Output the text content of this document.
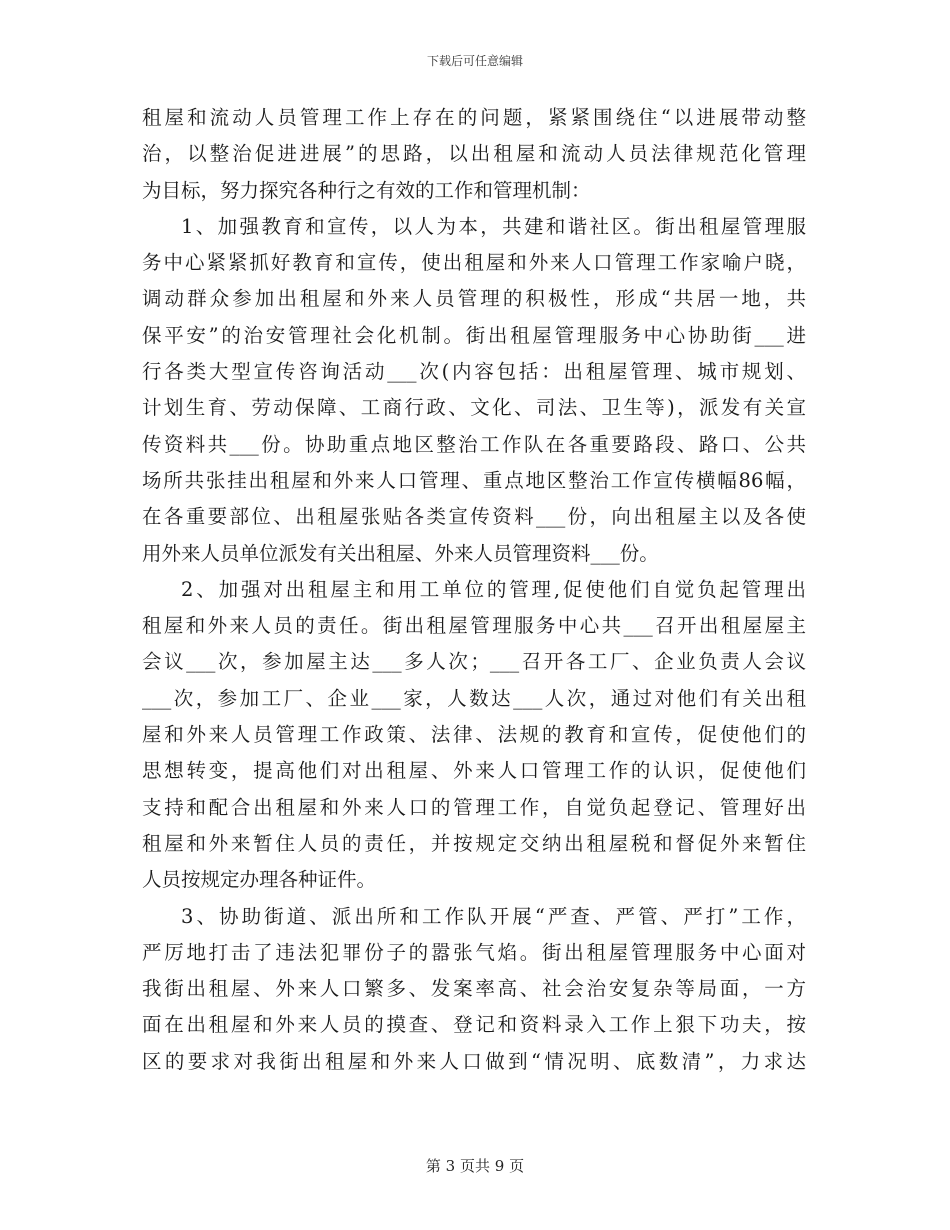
下载后可任意编辑
租屋和流动人员管理工作上存在的问题，紧紧围绕住“以进展带动整
治，以整治促进进展”的思路，以出租屋和流动人员法律规范化管理
为目标，努力探究各种行之有效的工作和管理机制：
1、加强教育和宣传，以人为本，共建和谐社区。街出租屋管理服
务中心紧紧抓好教育和宣传，使出租屋和外来人口管理工作家喻户晓，
调动群众参加出租屋和外来人员管理的积极性，形成“共居一地，共
保平安”的治安管理社会化机制。街出租屋管理服务中心协助街___进
行各类大型宣传咨询活动___次(内容包括：出租屋管理、城市规划、
计划生育、劳动保障、工商行政、文化、司法、卫生等)，派发有关宣
传资料共___份。协助重点地区整治工作队在各重要路段、路口、公共
场所共张挂出租屋和外来人口管理、重点地区整治工作宣传横幅86幅，
在各重要部位、出租屋张贴各类宣传资料___份，向出租屋主以及各使
用外来人员单位派发有关出租屋、外来人员管理资料___份。
2、加强对出租屋主和用工单位的管理,促使他们自觉负起管理出
租屋和外来人员的责任。街出租屋管理服务中心共___召开出租屋屋主
会议___次，参加屋主达___多人次；___召开各工厂、企业负责人会议
___次，参加工厂、企业___家，人数达___人次，通过对他们有关出租
屋和外来人员管理工作政策、法律、法规的教育和宣传，促使他们的
思想转变，提高他们对出租屋、外来人口管理工作的认识，促使他们
支持和配合出租屋和外来人口的管理工作，自觉负起登记、管理好出
租屋和外来暂住人员的责任，并按规定交纳出租屋税和督促外来暂住
人员按规定办理各种证件。
3、协助街道、派出所和工作队开展“严查、严管、严打”工作，
严厉地打击了违法犯罪份子的嚣张气焰。街出租屋管理服务中心面对
我街出租屋、外来人口繁多、发案率高、社会治安复杂等局面，一方
面在出租屋和外来人员的摸查、登记和资料录入工作上狠下功夫，按
区的要求对我街出租屋和外来人口做到“情况明、底数清”，力求达
第 3 页共 9 页
